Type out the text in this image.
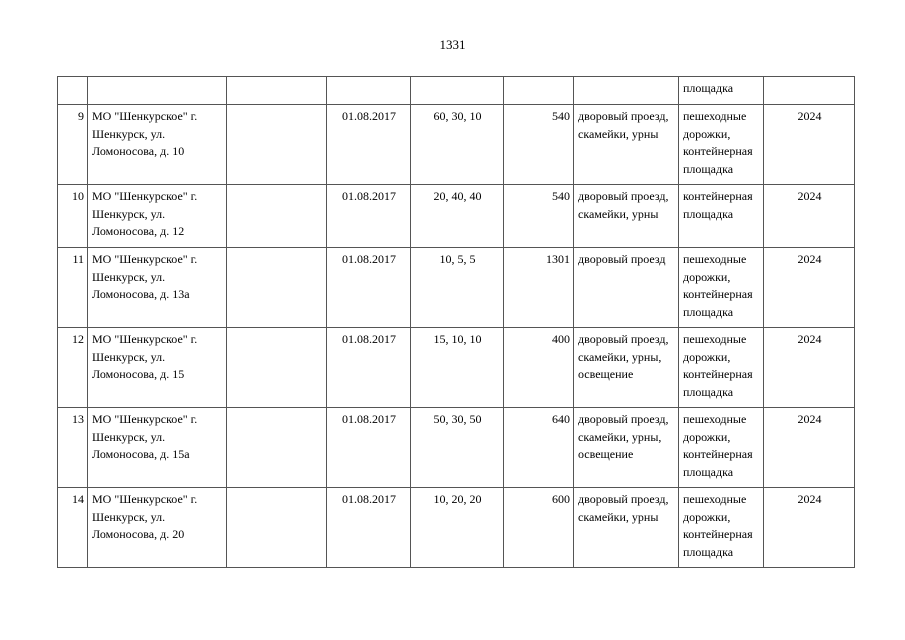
1331
							площадка	
9	МО "Шенкурское" г. Шенкурск, ул. Ломоносова, д. 10		01.08.2017	60, 30, 10	540	дворовый проезд, скамейки, урны	пешеходные дорожки, контейнерная площадка	2024
10	МО "Шенкурское" г. Шенкурск, ул. Ломоносова, д. 12		01.08.2017	20, 40, 40	540	дворовый проезд, скамейки, урны	контейнерная площадка	2024
11	МО "Шенкурское" г. Шенкурск, ул. Ломоносова, д. 13а		01.08.2017	10, 5, 5	1301	дворовый проезд	пешеходные дорожки, контейнерная площадка	2024
12	МО "Шенкурское" г. Шенкурск, ул. Ломоносова, д. 15		01.08.2017	15, 10, 10	400	дворовый проезд, скамейки, урны, освещение	пешеходные дорожки, контейнерная площадка	2024
13	МО "Шенкурское" г. Шенкурск, ул. Ломоносова, д. 15а		01.08.2017	50, 30, 50	640	дворовый проезд, скамейки, урны, освещение	пешеходные дорожки, контейнерная площадка	2024
14	МО "Шенкурское" г. Шенкурск, ул. Ломоносова, д. 20		01.08.2017	10, 20, 20	600	дворовый проезд, скамейки, урны	пешеходные дорожки, контейнерная площадка	2024
